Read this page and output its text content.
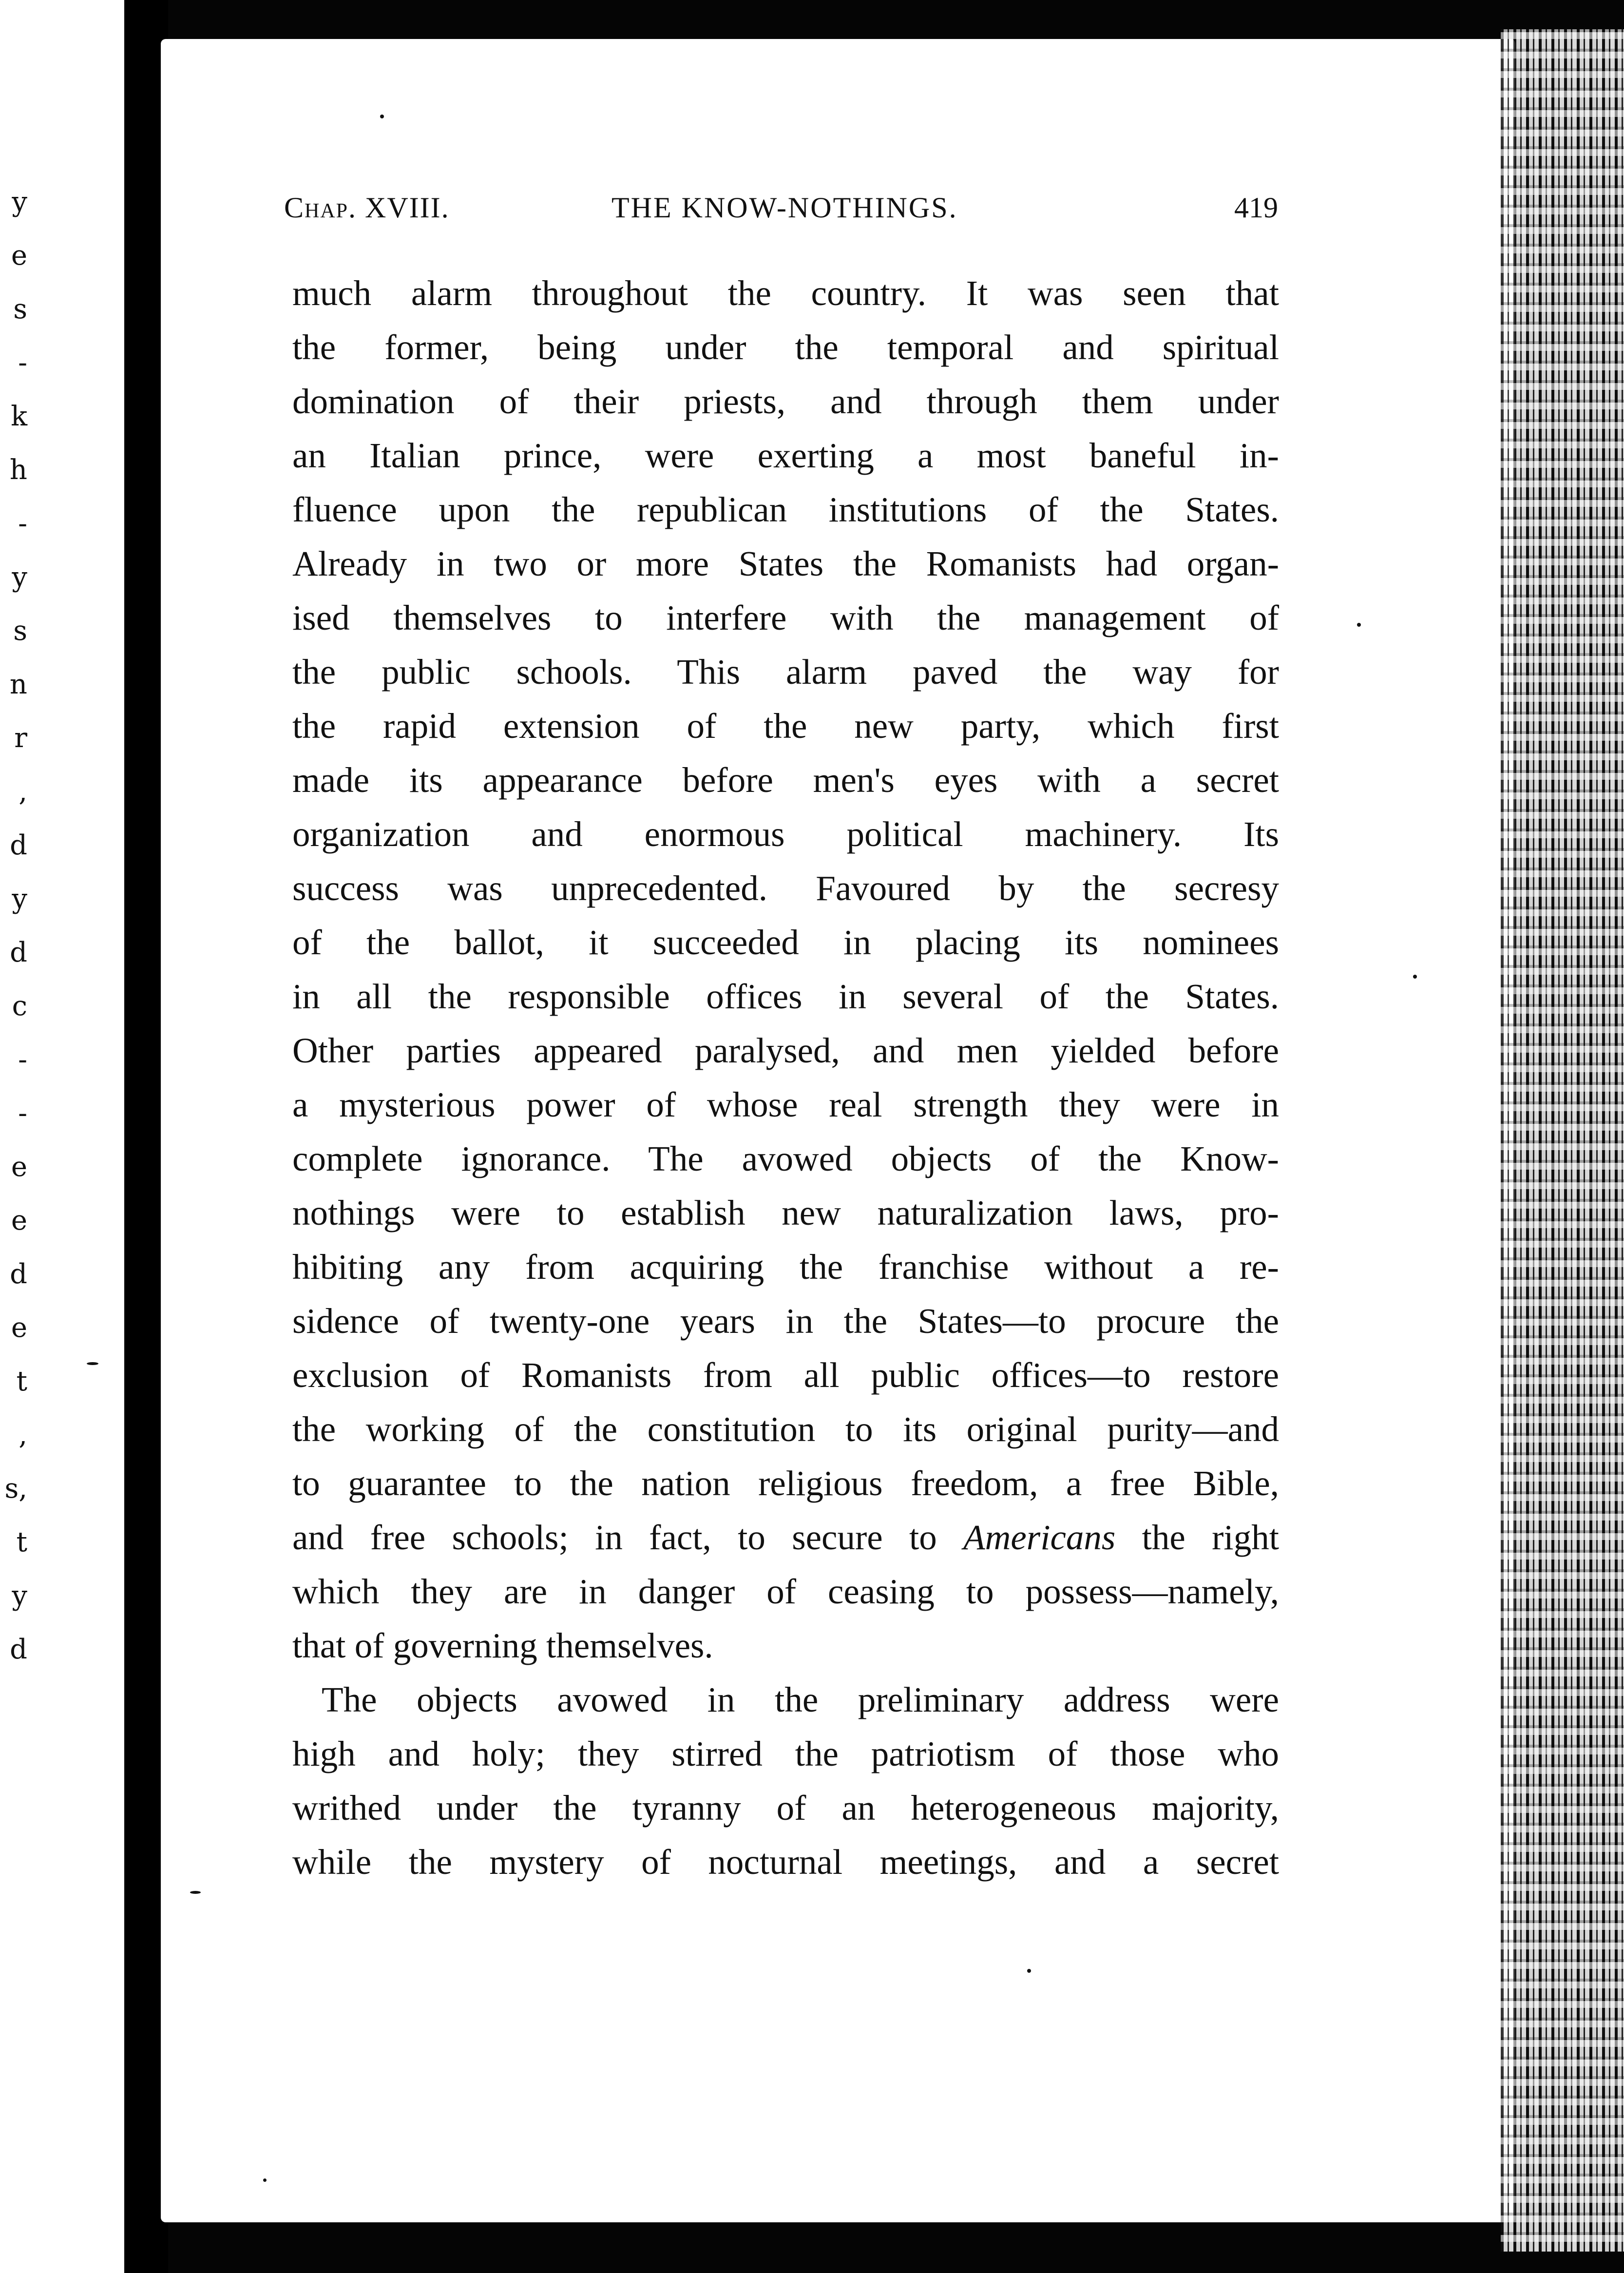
y
e
s
-
k
h
-
y
s
n
r
,
d
y
d
c
-
-
e
e
d
e
t
,
s,
t
y
d
Chap. XVIII.	THE KNOW-NOTHINGS.	419
much alarm throughout the country. It was seen that
the former, being under the temporal and spiritual
domination of their priests, and through them under
an Italian prince, were exerting a most baneful in-
fluence upon the republican institutions of the States.
Already in two or more States the Romanists had organ-
ised themselves to interfere with the management of
the public schools. This alarm paved the way for
the rapid extension of the new party, which first
made its appearance before men's eyes with a secret
organization and enormous political machinery. Its
success was unprecedented. Favoured by the secresy
of the ballot, it succeeded in placing its nominees
in all the responsible offices in several of the States.
Other parties appeared paralysed, and men yielded before
a mysterious power of whose real strength they were in
complete ignorance. The avowed objects of the Know-
nothings were to establish new naturalization laws, pro-
hibiting any from acquiring the franchise without a re-
sidence of twenty-one years in the States—to procure the
exclusion of Romanists from all public offices—to restore
the working of the constitution to its original purity—and
to guarantee to the nation religious freedom, a free Bible,
and free schools; in fact, to secure to Americans the right
which they are in danger of ceasing to possess—namely,
that of governing themselves.
The objects avowed in the preliminary address were
high and holy; they stirred the patriotism of those who
writhed under the tyranny of an heterogeneous majority,
while the mystery of nocturnal meetings, and a secret
